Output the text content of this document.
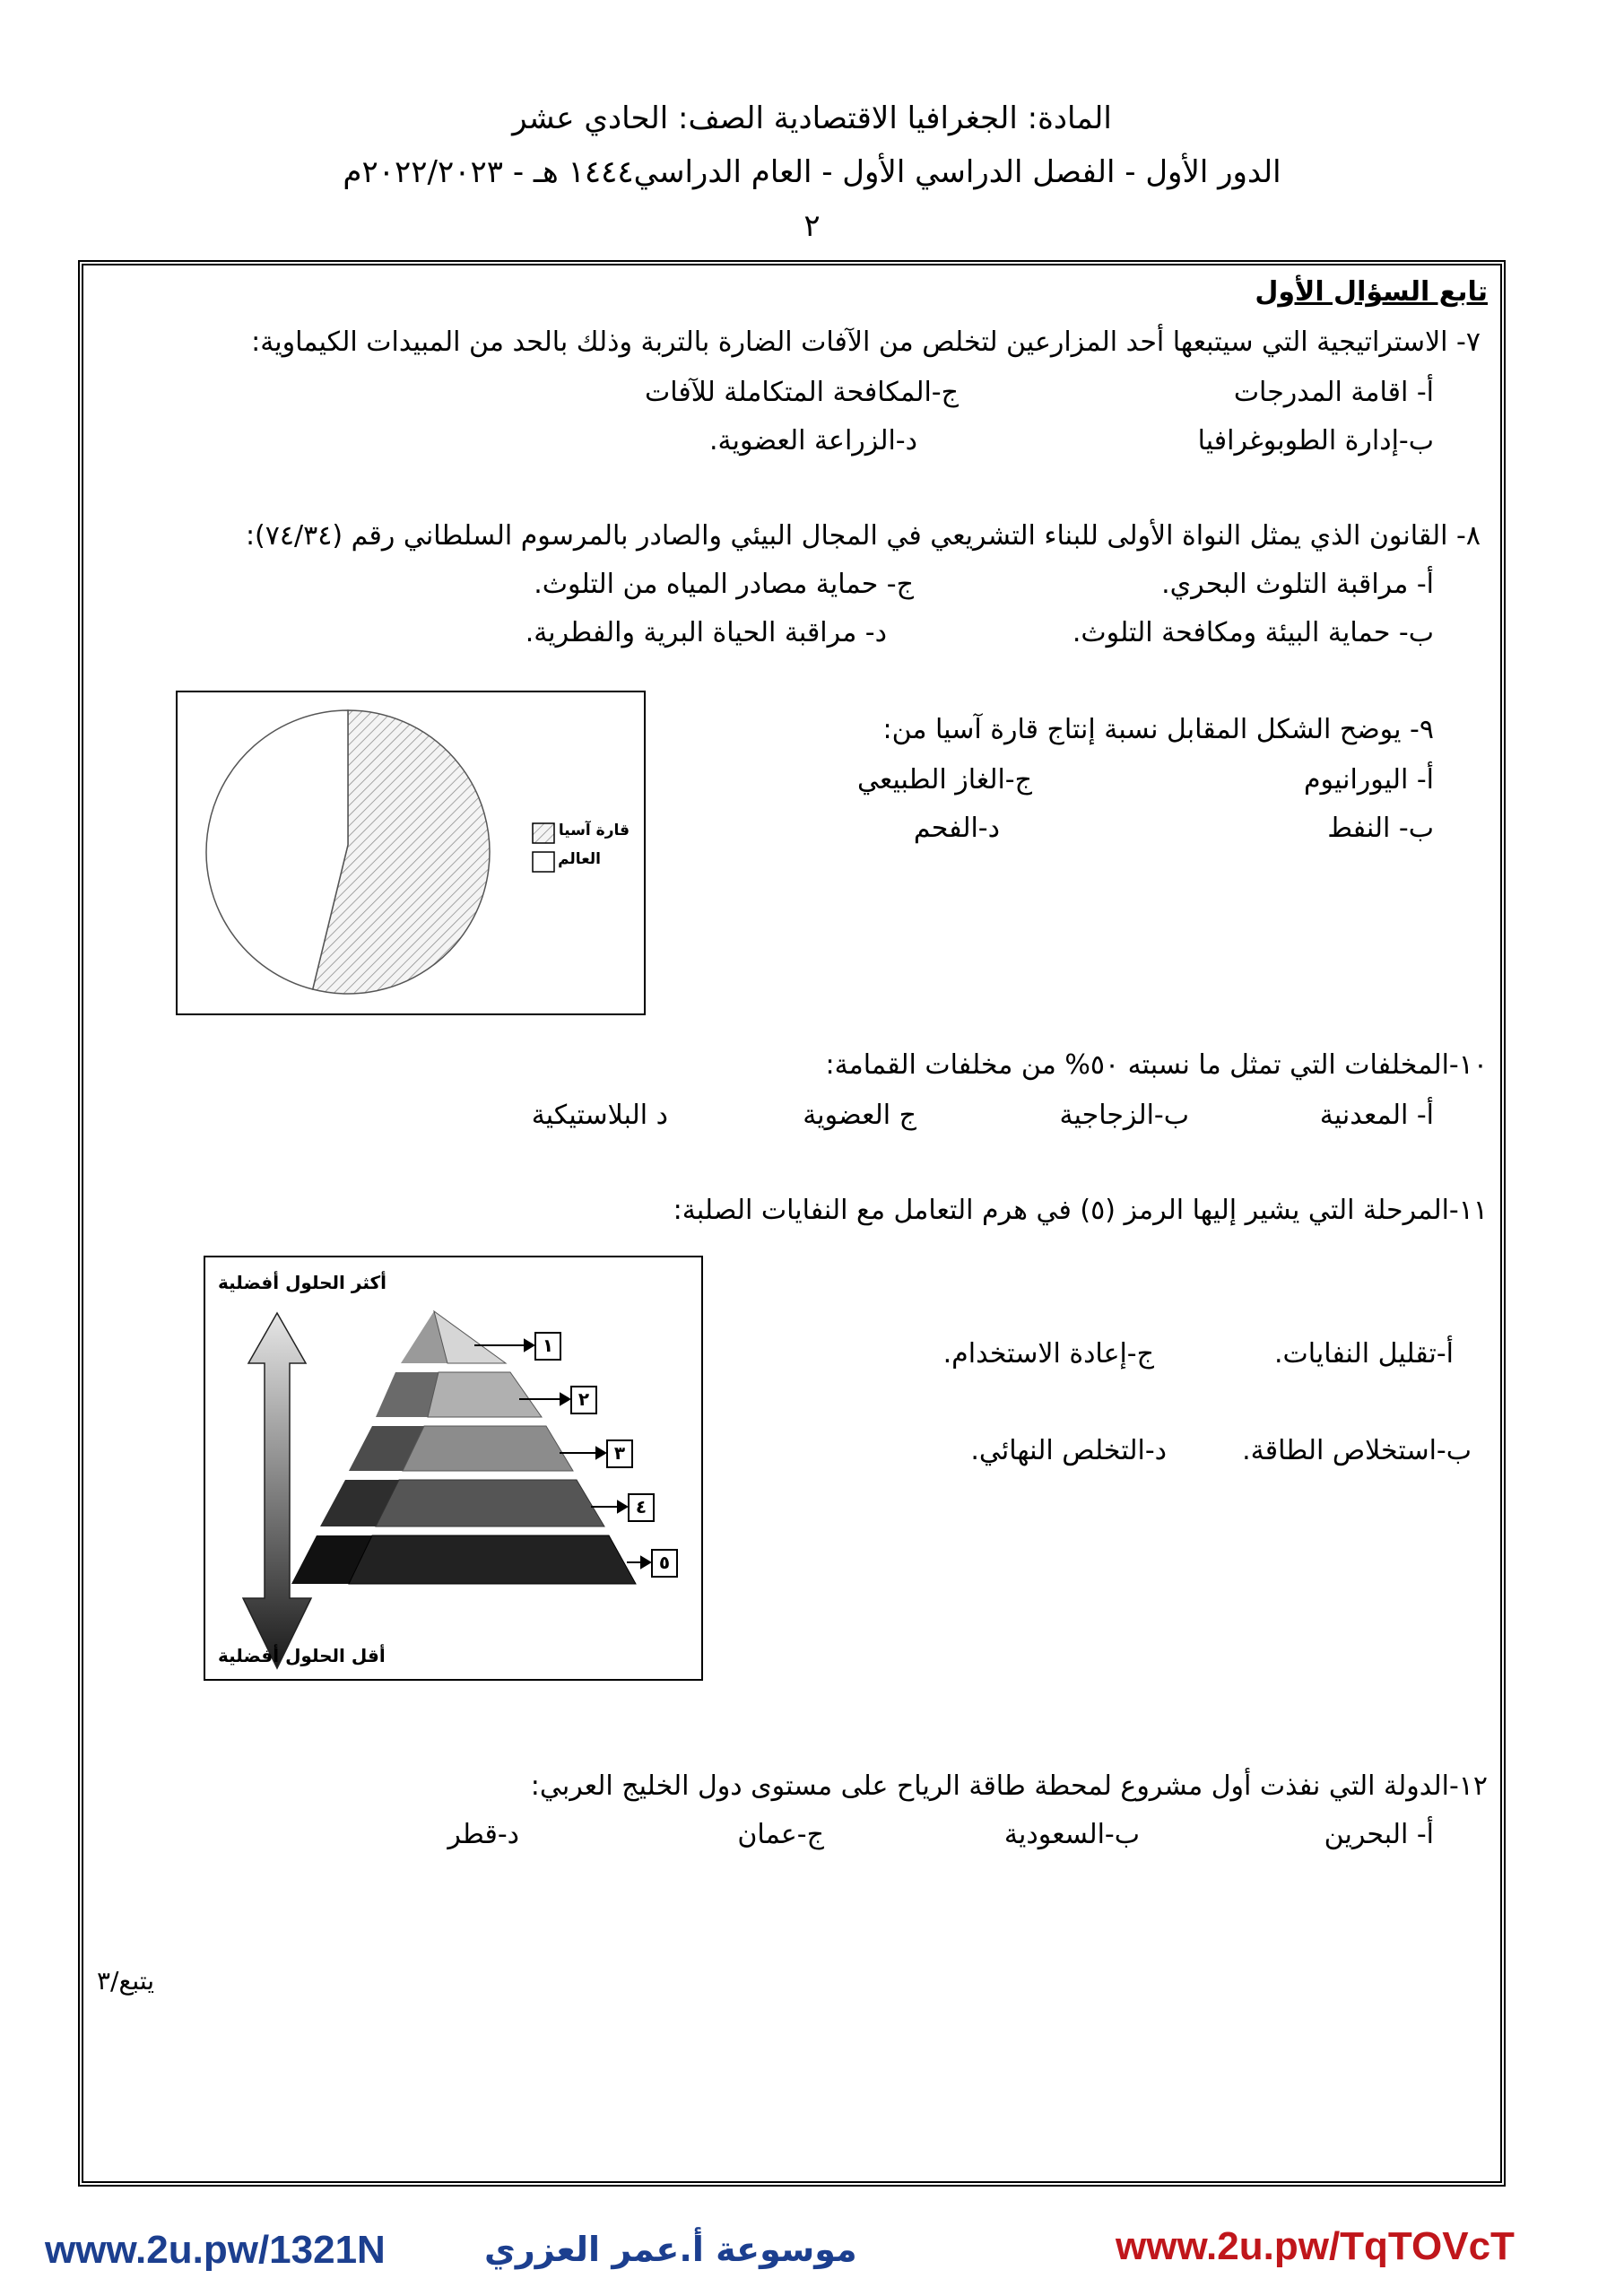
المادة: الجغرافيا الاقتصادية الصف: الحادي عشر
الدور الأول - الفصل الدراسي الأول - العام الدراسي١٤٤٤ هـ - ٢٠٢٢/٢٠٢٣م
٢
تابع السؤال الأول
٧- الاستراتيجية التي سيتبعها أحد المزارعين لتخلص من الآفات الضارة بالتربة وذلك بالحد من المبيدات الكيماوية:
أ- اقامة المدرجات
ج-المكافحة المتكاملة للآفات
ب-إدارة الطوبوغرافيا
د-الزراعة العضوية.
٨- القانون الذي يمثل النواة الأولى للبناء التشريعي في المجال البيئي والصادر بالمرسوم السلطاني رقم (٧٤/٣٤):
أ- مراقبة التلوث البحري.
ج- حماية مصادر المياه من التلوث.
ب- حماية البيئة ومكافحة التلوث.
د- مراقبة الحياة البرية والفطرية.
٩- يوضح الشكل المقابل نسبة إنتاج قارة آسيا من:
أ- اليورانيوم
ج-الغاز الطبيعي
ب- النفط
د-الفحم
قارة آسيا
العالم
١٠-المخلفات التي تمثل ما نسبته ٥٠% من مخلفات القمامة:
أ- المعدنية
ب-الزجاجية
ج العضوية
د البلاستيكية
١١-المرحلة التي يشير إليها الرمز (٥) في هرم التعامل مع النفايات الصلبة:
أ-تقليل النفايات.
ج-إعادة الاستخدام.
ب-استخلاص الطاقة.
د-التخلص النهائي.
أكثر الحلول أفضلية
أقل الحلول أفضلية
١
٢
٣
٤
٥
١٢-الدولة التي نفذت أول مشروع لمحطة طاقة الرياح على مستوى دول الخليج العربي:
أ- البحرين
ب-السعودية
ج-عمان
د-قطر
يتبع/٣
www.2u.pw/1321N	موسوعة أ.عمر العزري	www.2u.pw/TqTOVcT
